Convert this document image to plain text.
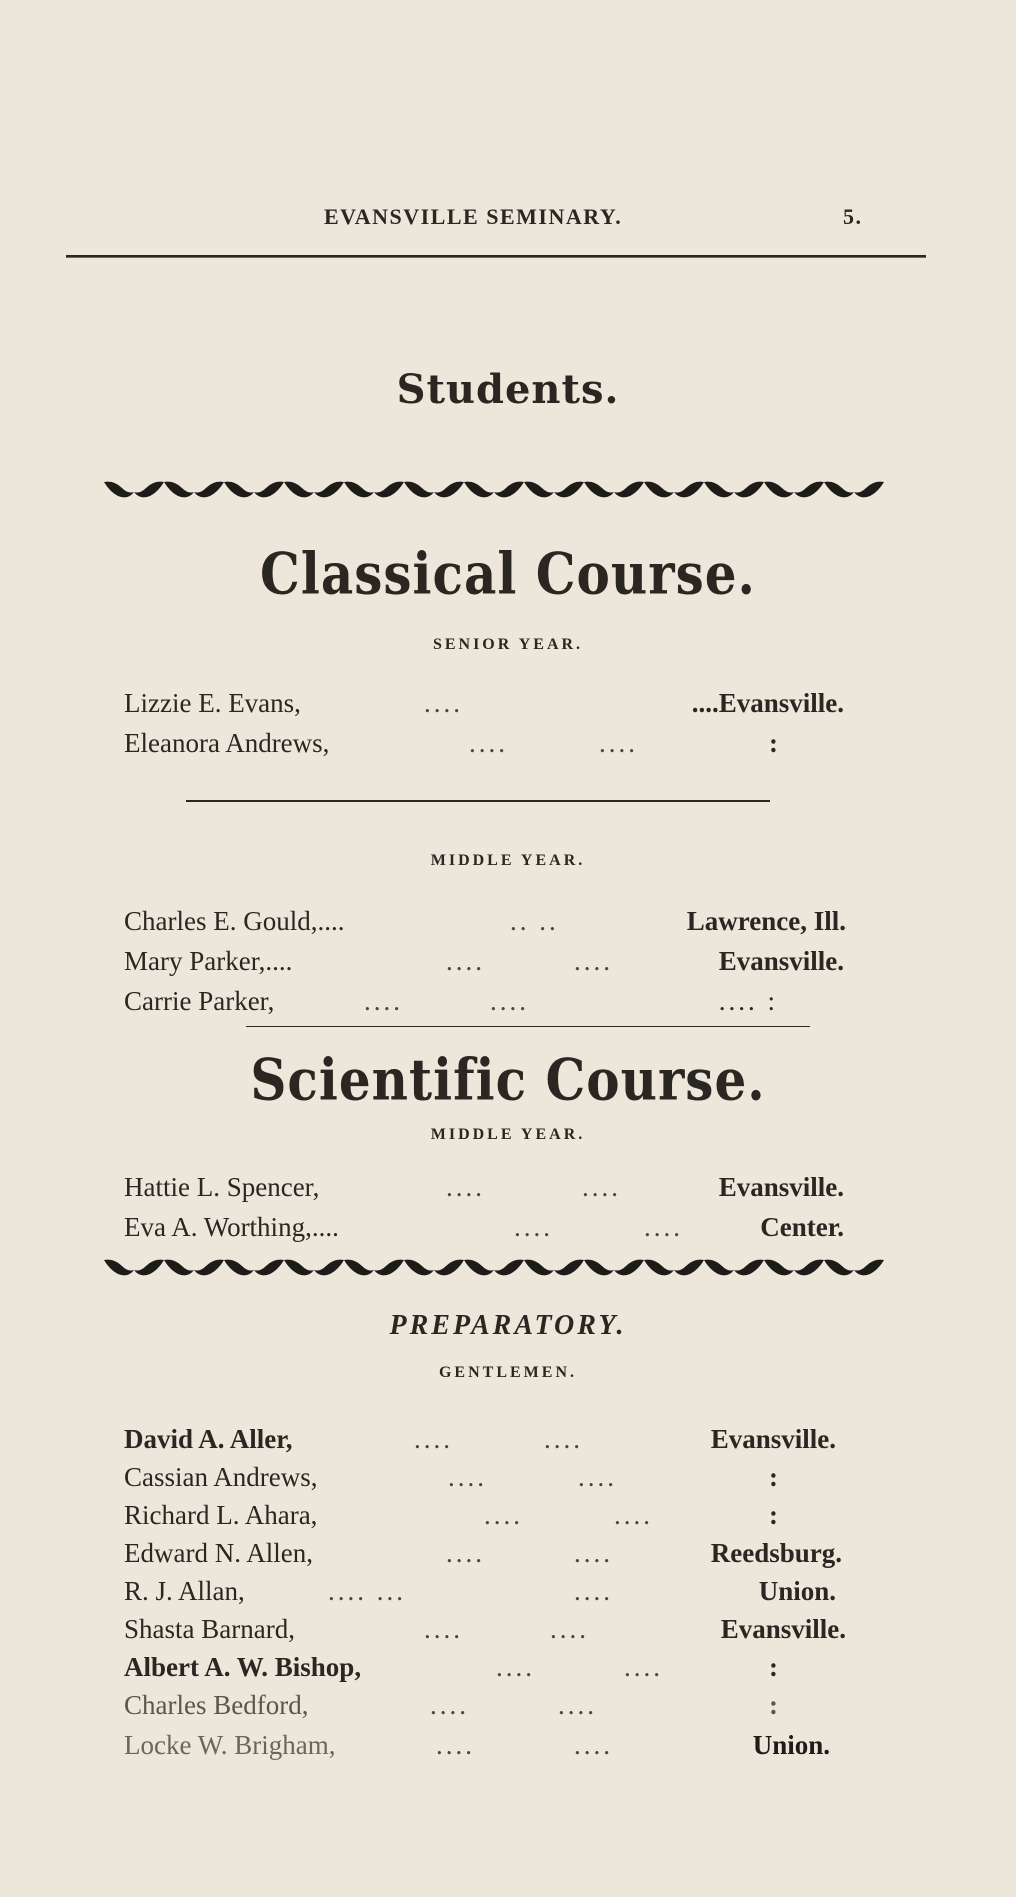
EVANSVILLE SEMINARY.	5.
Students.
Classical Course.
SENIOR YEAR.
Lizzie E. Evans,	....	....Evansville.
Eleanora Andrews,	....	....	:
MIDDLE YEAR.
Charles E. Gould,....	.. ..	Lawrence, Ill.
Mary Parker,....	....	....	Evansville.
Carrie Parker,	....	....	.... :
Scientific Course.
MIDDLE YEAR.
Hattie L. Spencer,	....	....	Evansville.
Eva A. Worthing,....	....	....	Center.
PREPARATORY.
GENTLEMEN.
David A. Aller,	....	....	Evansville.
Cassian Andrews,	....	....	:
Richard L. Ahara,	....	....	:
Edward N. Allen,	....	....	Reedsburg.
R. J. Allan,	.... ...	....	Union.
Shasta Barnard,	....	....	Evansville.
Albert A. W. Bishop,	....	....	:
Charles Bedford,	....	....	:
Locke W. Brigham,	....	....	Union.
